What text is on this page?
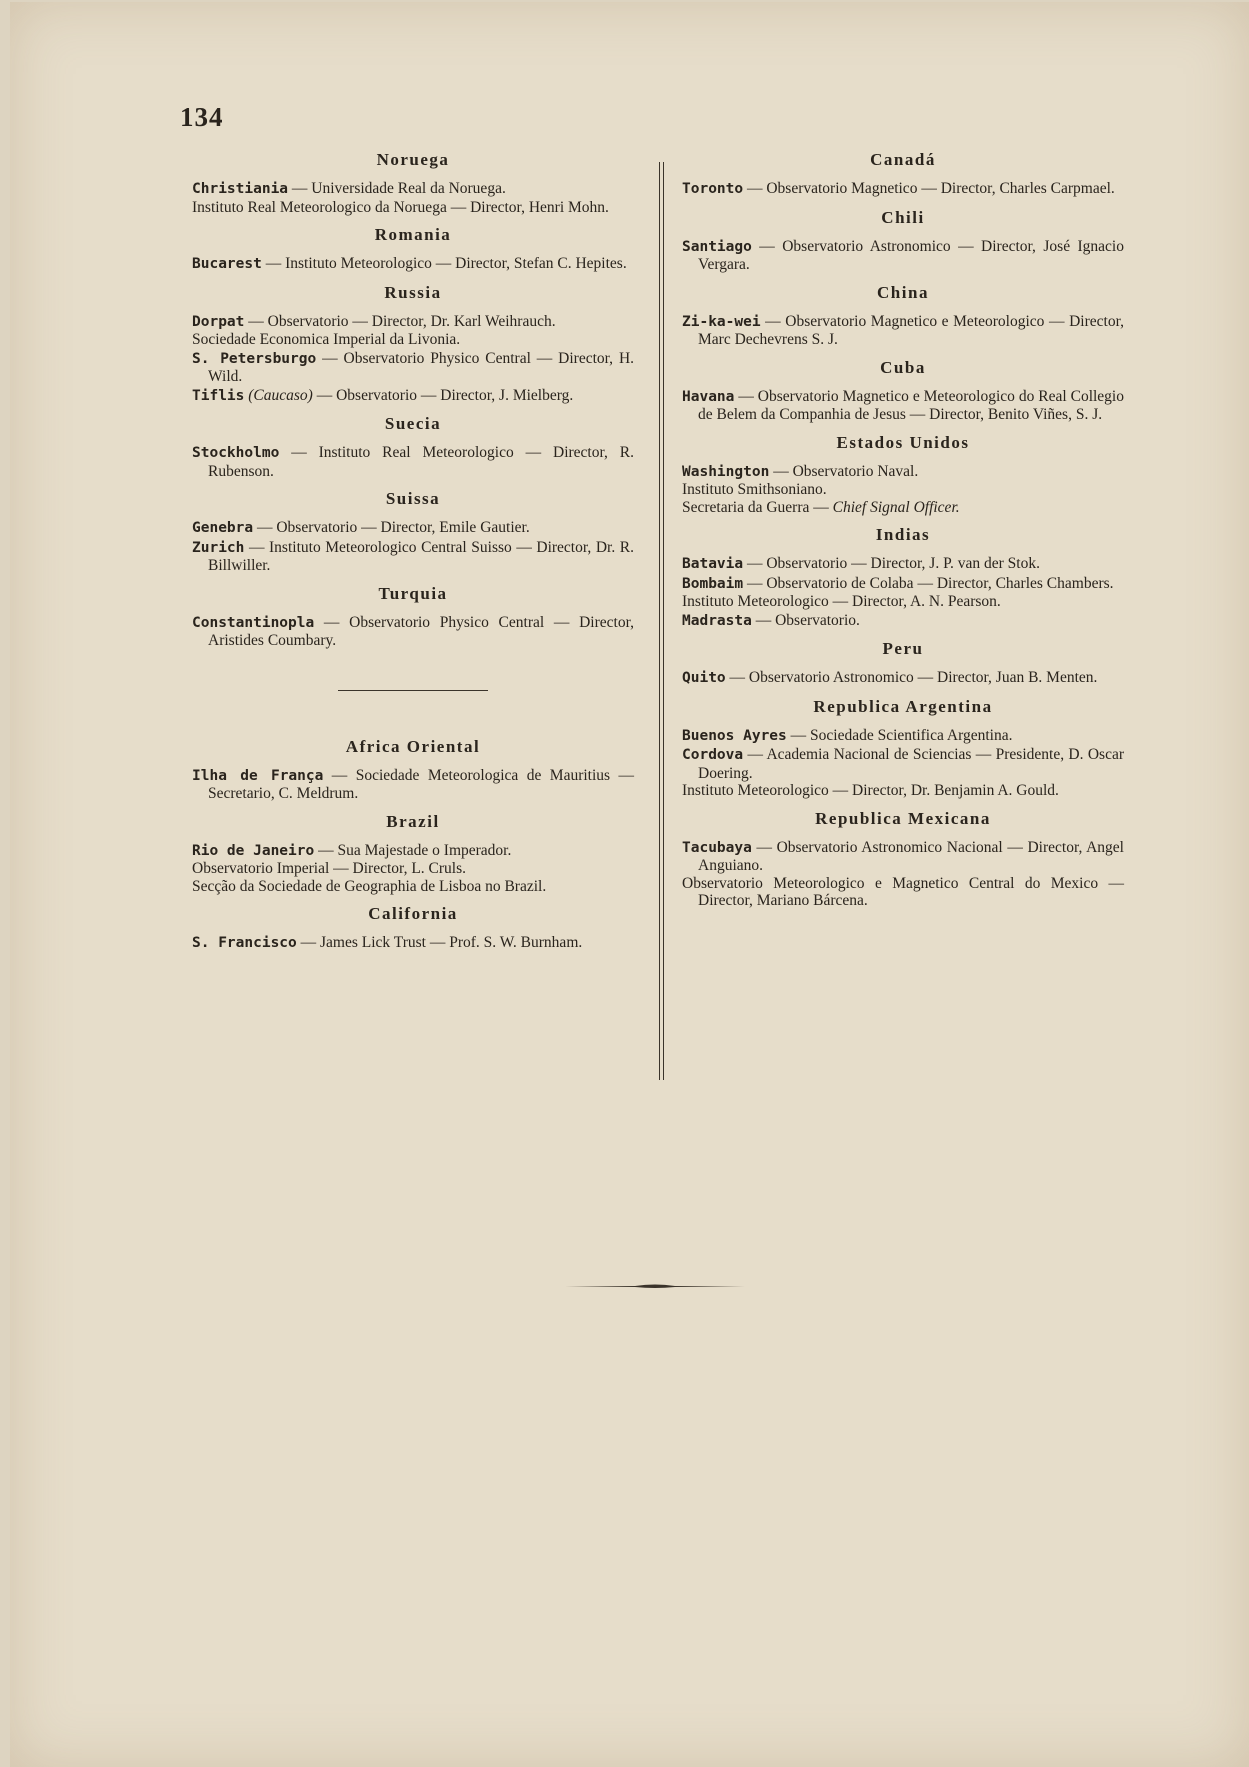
134
Noruega

Christiania — Universidade Real da Noruega.

Instituto Real Meteorologico da Noruega — Director, Henri Mohn.

Romania

Bucarest — Instituto Meteorologico — Director, Stefan C. Hepites.

Russia

Dorpat — Observatorio — Director, Dr. Karl Weihrauch.

Sociedade Economica Imperial da Livonia.

S. Petersburgo — Observatorio Physico Central — Director, H. Wild.

Tiflis (Caucaso) — Observatorio — Director, J. Mielberg.

Suecia

Stockholmo — Instituto Real Meteorologico — Director, R. Rubenson.

Suissa

Genebra — Observatorio — Director, Emile Gautier.

Zurich — Instituto Meteorologico Central Suisso — Director, Dr. R. Billwiller.

Turquia

Constantinopla — Observatorio Physico Central — Director, Aristides Coumbary.

Africa Oriental

Ilha de França — Sociedade Meteorologica de Mauritius — Secretario, C. Meldrum.

Brazil

Rio de Janeiro — Sua Majestade o Imperador.

Observatorio Imperial — Director, L. Cruls.

Secção da Sociedade de Geographia de Lisboa no Brazil.

California

S. Francisco — James Lick Trust — Prof. S. W. Burnham.

Canadá

Toronto — Observatorio Magnetico — Director, Charles Carpmael.

Chili

Santiago — Observatorio Astronomico — Director, José Ignacio Vergara.

China

Zi-ka-wei — Observatorio Magnetico e Meteorologico — Director, Marc Dechevrens S. J.

Cuba

Havana — Observatorio Magnetico e Meteorologico do Real Collegio de Belem da Companhia de Jesus — Director, Benito Viñes, S. J.

Estados Unidos

Washington — Observatorio Naval.

Instituto Smithsoniano.

Secretaria da Guerra — Chief Signal Officer.

Indias

Batavia — Observatorio — Director, J. P. van der Stok.

Bombaim — Observatorio de Colaba — Director, Charles Chambers.

Instituto Meteorologico — Director, A. N. Pearson.

Madrasta — Observatorio.

Peru

Quito — Observatorio Astronomico — Director, Juan B. Menten.

Republica Argentina

Buenos Ayres — Sociedade Scientifica Argentina.

Cordova — Academia Nacional de Sciencias — Presidente, D. Oscar Doering.

Instituto Meteorologico — Director, Dr. Benjamin A. Gould.

Republica Mexicana

Tacubaya — Observatorio Astronomico Nacional — Director, Angel Anguiano.

Observatorio Meteorologico e Magnetico Central do Mexico — Director, Mariano Bárcena.
